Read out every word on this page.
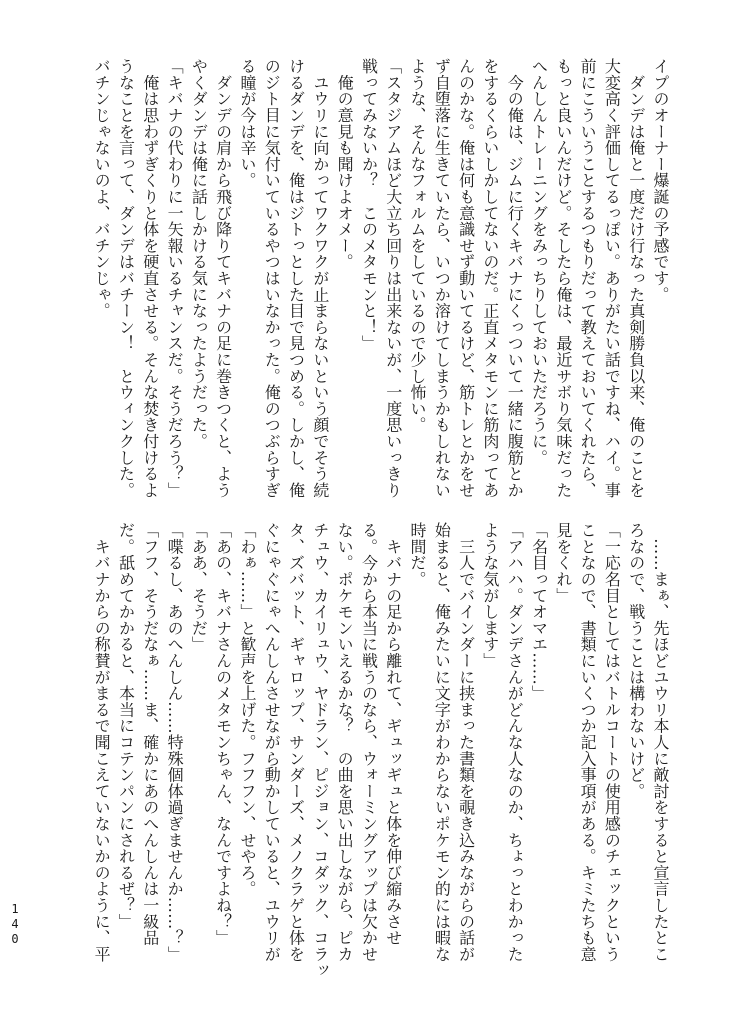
イプのオーナー爆誕の予感です。
　ダンデは俺と一度だけ行なった真剣勝負以来、俺のことを
大変高く評価してるっぽい。ありがたい話ですね、ハイ。事
前にこういうことするつもりだって教えておいてくれたら、
もっと良いんだけど。そしたら俺は、最近サボり気味だった
へんしんトレーニングをみっちりしておいただろうに。
　今の俺は、ジムに行くキバナにくっついて一緒に腹筋とか
をするくらいしかしてないのだ。正直メタモンに筋肉ってあ
んのかな。俺は何も意識せず動いてるけど、筋トレとかをせ
ず自堕落に生きていたら、いつか溶けてしまうかもしれない
ような、そんなフォルムをしているので少し怖い。
「スタジアムほど大立ち回りは出来ないが、一度思いっきり
戦ってみないか？　このメタモンと！」
　俺の意見も聞けよオメー。
　ユウリに向かってワクワクが止まらないという顔でそう続
けるダンデを、俺はジトっとした目で見つめる。しかし、俺
のジト目に気付いているやつはいなかった。俺のつぶらすぎ
る瞳が今は辛い。
　ダンデの肩から飛び降りてキバナの足に巻きつくと、よう
やくダンデは俺に話しかける気になったようだった。
「キバナの代わりに一矢報いるチャンスだ。そうだろう？」
　俺は思わずぎくりと体を硬直させる。そんな焚き付けるよ
うなことを言って、ダンデはバチーン！　とウィンクした。
バチンじゃないのよ、バチンじゃ。
　……まぁ、先ほどユウリ本人に敵討をすると宣言したとこ
ろなので、戦うことは構わないけど。
「一応名目としてはバトルコートの使用感のチェックという
ことなので、書類にいくつか記入事項がある。キミたちも意
見をくれ」
「名目ってオマエ……」
「アハハ。ダンデさんがどんな人なのか、ちょっとわかった
ような気がします」
　三人でバインダーに挟まった書類を覗き込みながらの話が
始まると、俺みたいに文字がわからないポケモン的には暇な
時間だ。
　キバナの足から離れて、ギュッギュと体を伸び縮みさせ
る。今から本当に戦うのなら、ウォーミングアップは欠かせ
ない。ポケモンいえるかな？　の曲を思い出しながら、ピカ
チュウ、カイリュウ、ヤドラン、ピジョン、コダック、コラッ
タ、ズバット、ギャロップ、サンダーズ、メノクラゲと体を
ぐにゃぐにゃへんしんさせながら動かしていると、ユウリが
「わぁ……」と歓声を上げた。フフフン、せやろ。
「あの、キバナさんのメタモンちゃん、なんですよね？」
「ああ、そうだ」
「喋るし、あのへんしん……特殊個体過ぎませんか……？」
「フフ、そうだなぁ……ま、確かにあのへんしんは一級品
だ。舐めてかかると、本当にコテンパンにされるぜ？」
　キバナからの称賛がまるで聞こえていないかのように、平
140
